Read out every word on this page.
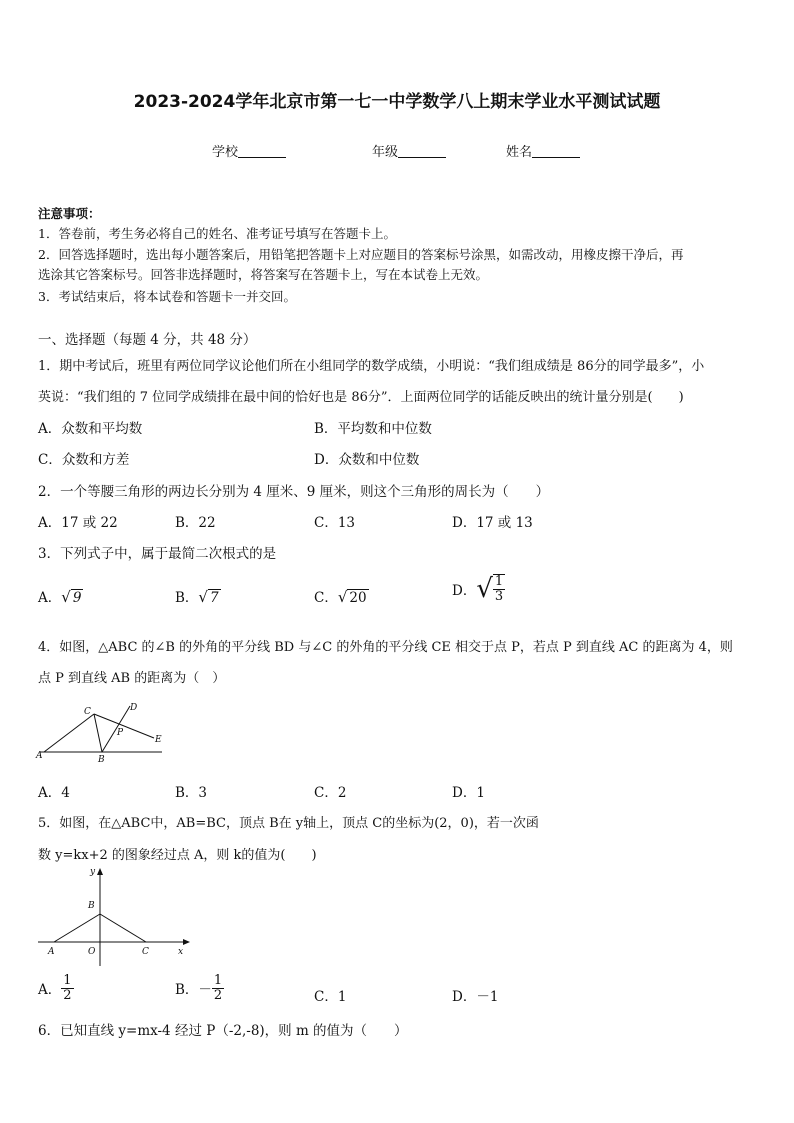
2023-2024学年北京市第一七一中学数学八上期末学业水平测试试题
学校	年级	姓名
注意事项：
1．答卷前，考生务必将自己的姓名、准考证号填写在答题卡上。
2．回答选择题时，选出每小题答案后，用铅笔把答题卡上对应题目的答案标号涂黑，如需改动，用橡皮擦干净后，再
选涂其它答案标号。回答非选择题时，将答案写在答题卡上，写在本试卷上无效。
3．考试结束后，将本试卷和答题卡一并交回。
一、选择题（每题 4 分，共 48 分）
1．期中考试后，班里有两位同学议论他们所在小组同学的数学成绩，小明说：“我们组成绩是 86分的同学最多”，小
英说：“我们组的 7 位同学成绩排在最中间的恰好也是 86分”．上面两位同学的话能反映出的统计量分别是(　　)
A．众数和平均数	B．平均数和中位数
C．众数和方差	D．众数和中位数
2．一个等腰三角形的两边长分别为 4 厘米、9 厘米，则这个三角形的周长为（　　）
A．17 或 22	B．22	C．13	D．17 或 13
3．下列式子中，属于最简二次根式的是
A．√ 9	B．√ 7	C．√ 20	D．√ $\frac{1}{3}$
4．如图，△ABC 的∠B 的外角的平分线 BD 与∠C 的外角的平分线 CE 相交于点 P，若点 P 到直线 AC 的距离为 4，则
点 P 到直线 AB 的距离为（　）
A	B
C	D
E
P
A．4	B．3	C．2	D．1
5．如图，在△ABC中，AB=BC，顶点 B在 y轴上，顶点 C的坐标为(2，0)，若一次函
数 y=kx+2 的图象经过点 A，则 k的值为(　　)
y
x
A
B
C
O
A． $\frac{1}{2}$	B．－ $\frac{1}{2}$	C．1	D．－1
6．已知直线 y=mx-4 经过 P（-2,-8)，则 m 的值为（　　）
